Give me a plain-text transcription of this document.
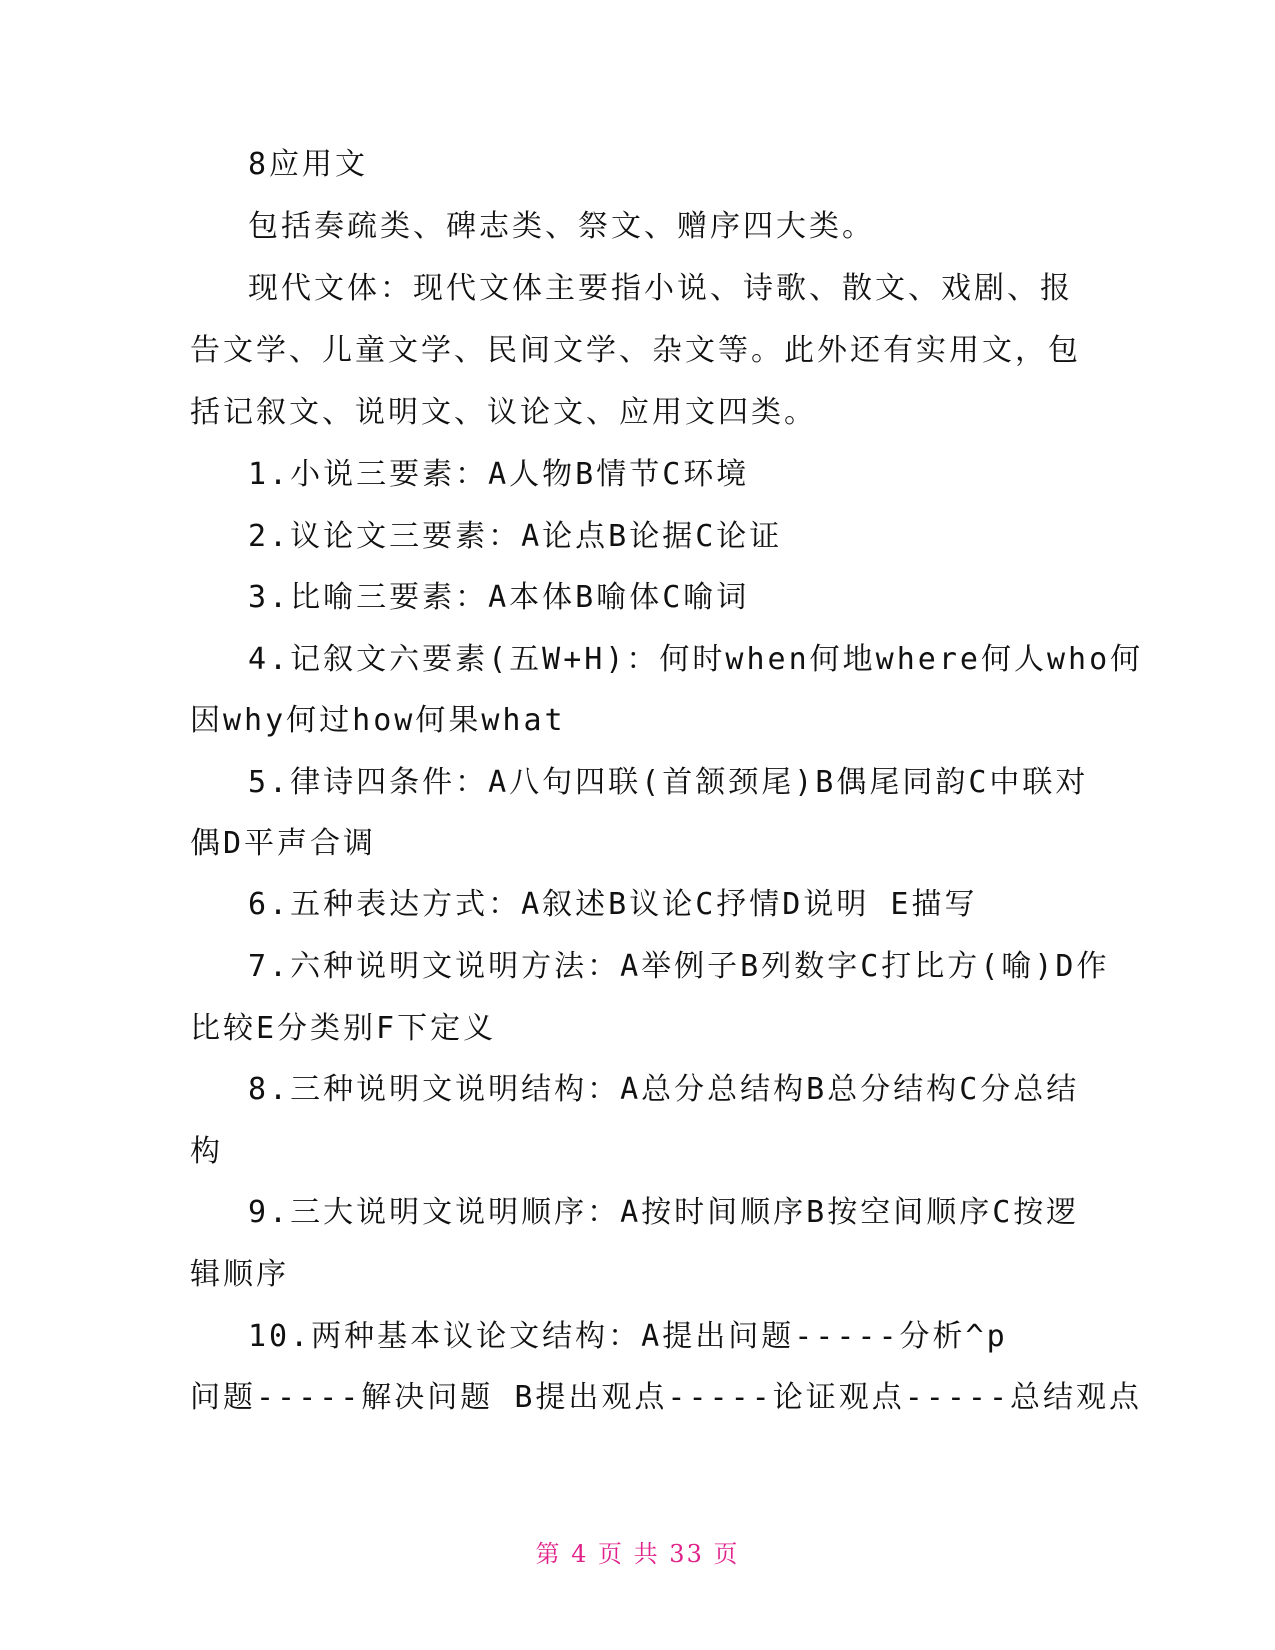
8应用文
包括奏疏类、碑志类、祭文、赠序四大类。
现代文体：现代文体主要指小说、诗歌、散文、戏剧、报
告文学、儿童文学、民间文学、杂文等。此外还有实用文，包
括记叙文、说明文、议论文、应用文四类。
1.小说三要素：A人物B情节C环境
2.议论文三要素：A论点B论据C论证
3.比喻三要素：A本体B喻体C喻词
4.记叙文六要素(五W+H)：何时when何地where何人who何
因why何过how何果what
5.律诗四条件：A八句四联(首颔颈尾)B偶尾同韵C中联对
偶D平声合调
6.五种表达方式：A叙述B议论C抒情D说明 E描写
7.六种说明文说明方法：A举例子B列数字C打比方(喻)D作
比较E分类别F下定义
8.三种说明文说明结构：A总分总结构B总分结构C分总结
构
9.三大说明文说明顺序：A按时间顺序B按空间顺序C按逻
辑顺序
10.两种基本议论文结构：A提出问题-----分析^p
问题-----解决问题 B提出观点-----论证观点-----总结观点
第 4 页 共 33 页
